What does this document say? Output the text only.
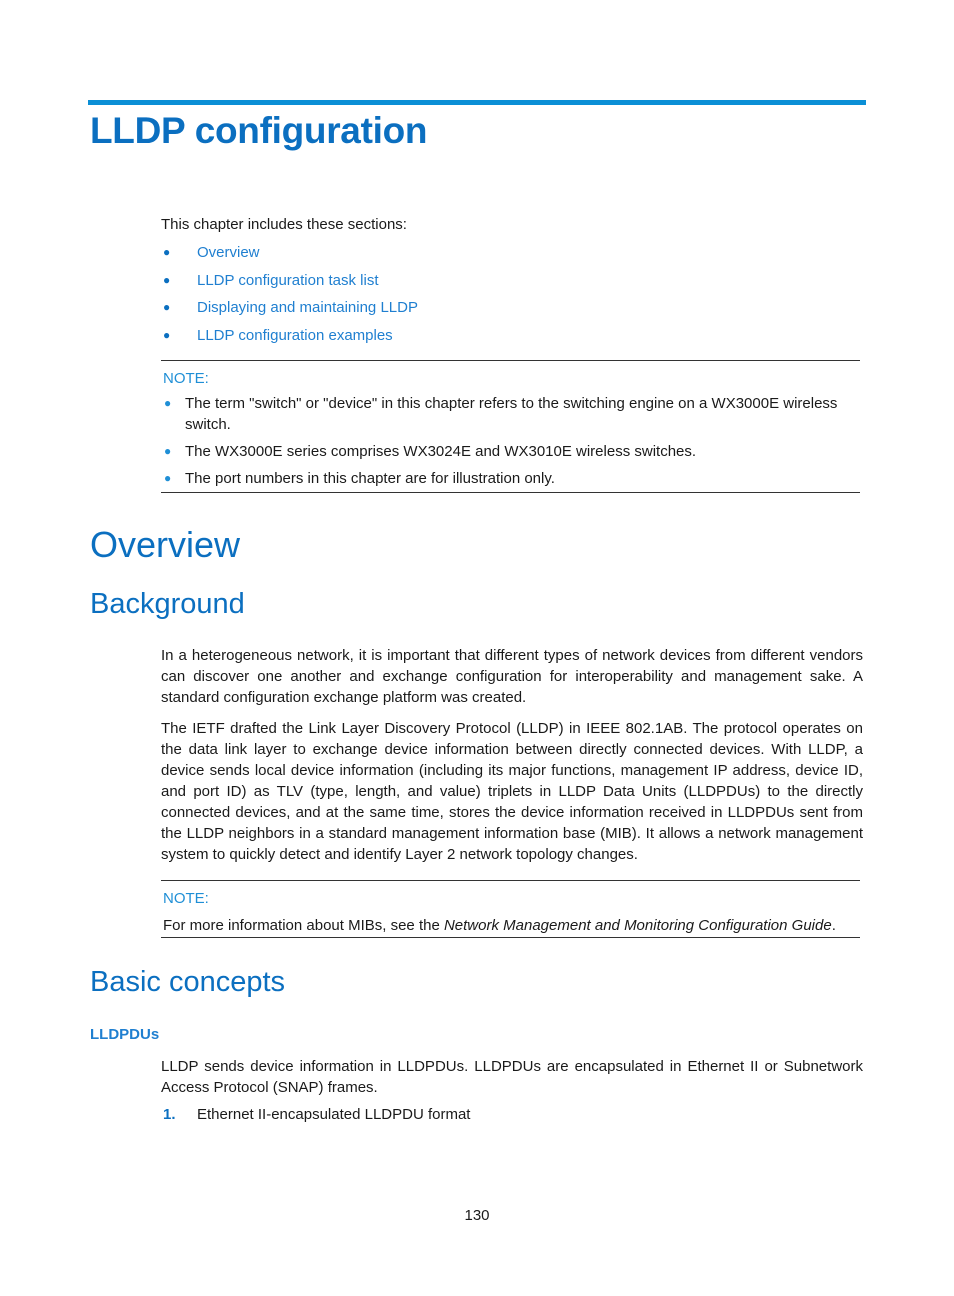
LLDP configuration

This chapter includes these sections:

● Overview
● LLDP configuration task list
● Displaying and maintaining LLDP
● LLDP configuration examples
NOTE:
● The term "switch" or "device" in this chapter refers to the switching engine on a WX3000E wireless switch.
● The WX3000E series comprises WX3024E and WX3010E wireless switches.
● The port numbers in this chapter are for illustration only.
Overview
Background

In a heterogeneous network, it is important that different types of network devices from different vendors can discover one another and exchange configuration for interoperability and management sake. A standard configuration exchange platform was created.

The IETF drafted the Link Layer Discovery Protocol (LLDP) in IEEE 802.1AB. The protocol operates on the data link layer to exchange device information between directly connected devices. With LLDP, a device sends local device information (including its major functions, management IP address, device ID, and port ID) as TLV (type, length, and value) triplets in LLDP Data Units (LLDPDUs) to the directly connected devices, and at the same time, stores the device information received in LLDPDUs sent from the LLDP neighbors in a standard management information base (MIB). It allows a network management system to quickly detect and identify Layer 2 network topology changes.

NOTE:
For more information about MIBs, see the Network Management and Monitoring Configuration Guide.
Basic concepts
LLDPDUs

LLDP sends device information in LLDPDUs. LLDPDUs are encapsulated in Ethernet II or Subnetwork Access Protocol (SNAP) frames.

1. Ethernet II-encapsulated LLDPDU format
130
